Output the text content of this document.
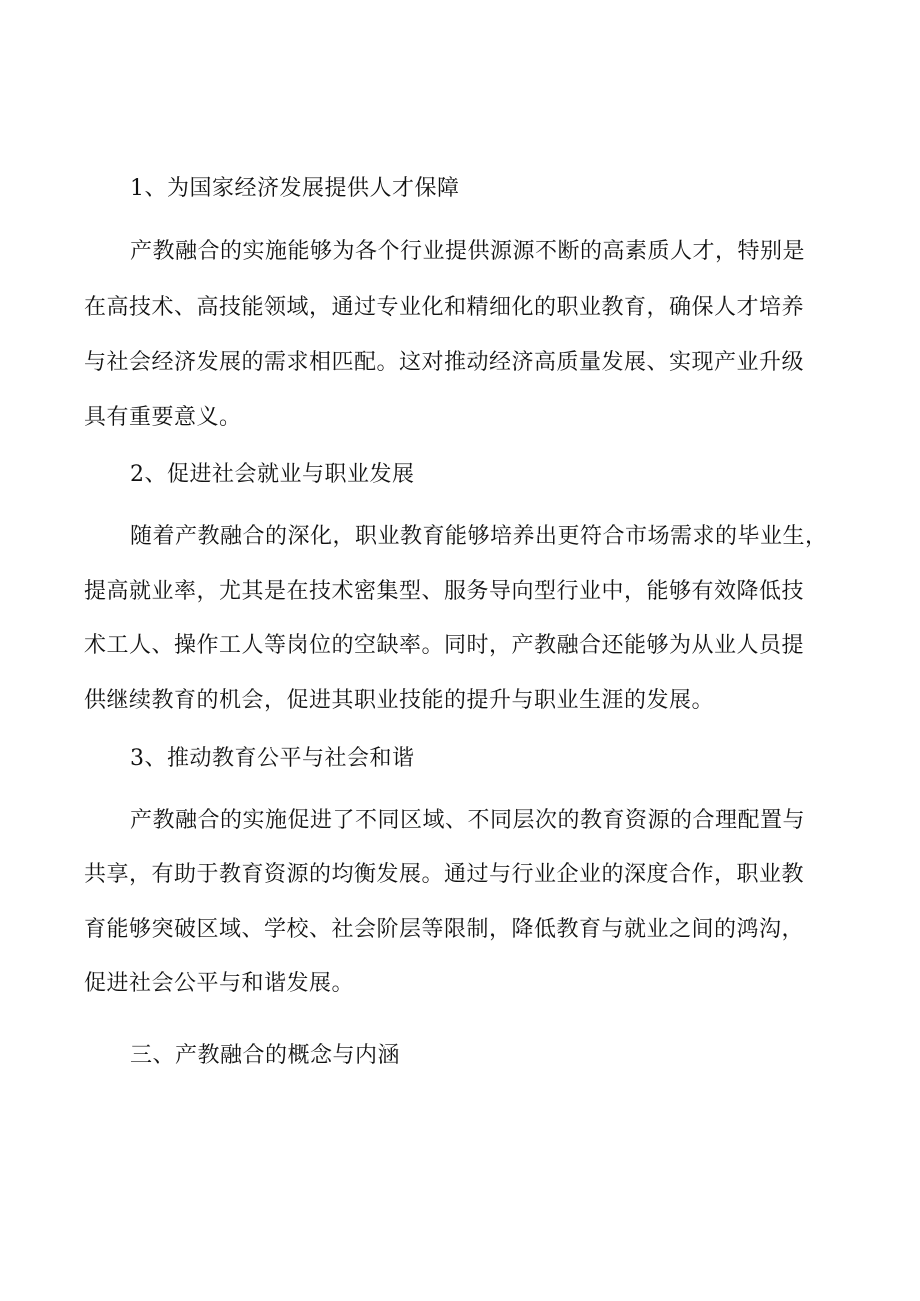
1、为国家经济发展提供人才保障
产教融合的实施能够为各个行业提供源源不断的高素质人才，特别是
在高技术、高技能领域，通过专业化和精细化的职业教育，确保人才培养
与社会经济发展的需求相匹配。这对推动经济高质量发展、实现产业升级
具有重要意义。
2、促进社会就业与职业发展
随着产教融合的深化，职业教育能够培养出更符合市场需求的毕业生，
提高就业率，尤其是在技术密集型、服务导向型行业中，能够有效降低技
术工人、操作工人等岗位的空缺率。同时，产教融合还能够为从业人员提
供继续教育的机会，促进其职业技能的提升与职业生涯的发展。
3、推动教育公平与社会和谐
产教融合的实施促进了不同区域、不同层次的教育资源的合理配置与
共享，有助于教育资源的均衡发展。通过与行业企业的深度合作，职业教
育能够突破区域、学校、社会阶层等限制，降低教育与就业之间的鸿沟，
促进社会公平与和谐发展。
三、产教融合的概念与内涵
